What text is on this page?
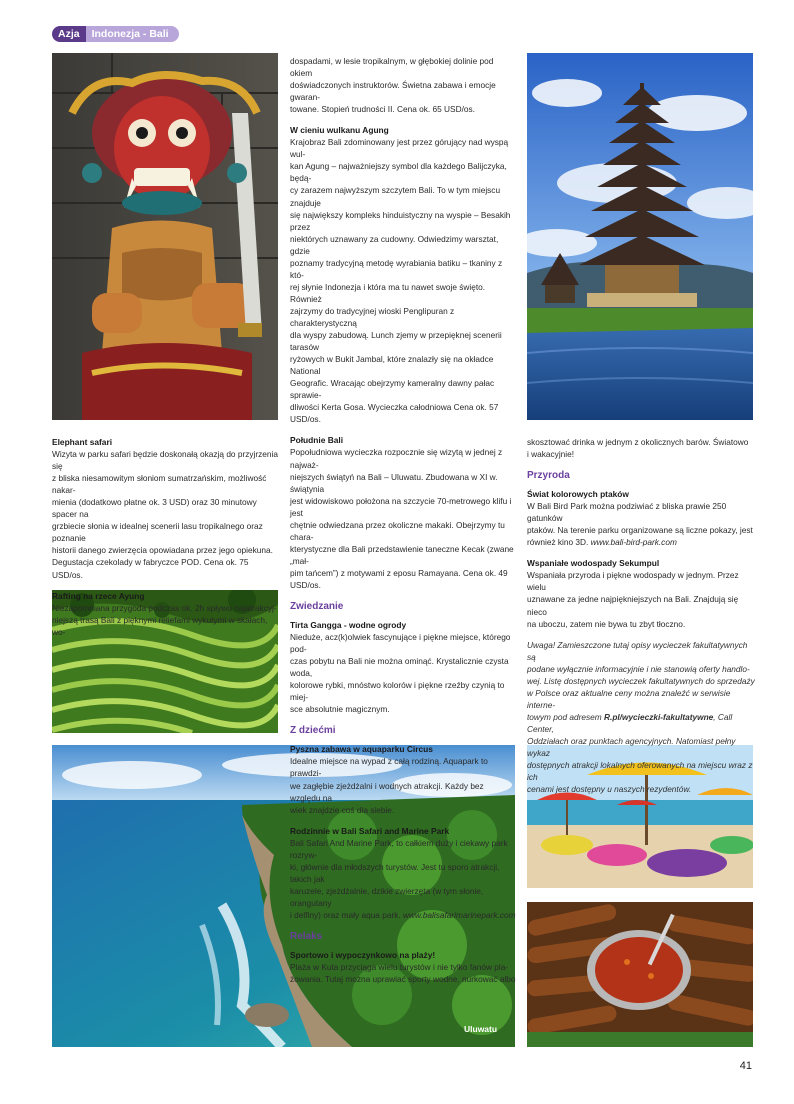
Azja	Indonezja - Bali
Uluwatu
Elephant safari

Wizyta w parku safari będzie doskonałą okazją do przyjrzenia się

z bliska niesamowitym słoniom sumatrzańskim, możliwość nakar-

mienia (dodatkowo płatne ok. 3 USD) oraz 30 minutowy spacer na

grzbiecie słonia w idealnej scenerii lasu tropikalnego oraz poznanie

historii danego zwierzęcia opowiadana przez jego opiekuna.

Degustacja czekolady w fabryczce POD. Cena ok. 75 USD/os.

Rafting na rzece Ayung

Niezapomniana przygoda podczas ok. 2h spływu najatrakcyj-

niejszą trasą Bali z pięknymi reliefami wykutymi w skałach, wo-

dospadami, w lesie tropikalnym, w głębokiej dolinie pod okiem

doświadczonych instruktorów. Świetna zabawa i emocje gwaran-

towane. Stopień trudności II. Cena ok. 65 USD/os.

W cieniu wulkanu Agung

Krajobraz Bali zdominowany jest przez górujący nad wyspą wul-

kan Agung – najważniejszy symbol dla każdego Balijczyka, będą-

cy zarazem najwyższym szczytem Bali. To w tym miejscu znajduje

się największy kompleks hinduistyczny na wyspie – Besakih przez

niektórych uznawany za cudowny. Odwiedzimy warsztat, gdzie

poznamy tradycyjną metodę wyrabiania batiku – tkaniny z któ-

rej słynie Indonezja i która ma tu nawet swoje święto. Również

zajrzymy do tradycyjnej wioski Penglipuran z charakterystyczną

dla wyspy zabudową. Lunch zjemy w przepięknej scenerii tarasów

ryżowych w Bukit Jambal, które znalazły się na okładce National

Geografic. Wracając obejrzymy kameralny dawny pałac sprawie-

dliwości Kerta Gosa. Wycieczka całodniowa Cena ok. 57 USD/os.

Południe Bali

Popołudniowa wycieczka rozpocznie się wizytą w jednej z najważ-

niejszych świątyń na Bali – Uluwatu. Zbudowana w XI w. świątynia

jest widowiskowo położona na szczycie 70-metrowego klifu i jest

chętnie odwiedzana przez okoliczne makaki. Obejrzymy tu chara-

kterystyczne dla Bali przedstawienie taneczne Kecak (zwane „mał-

pim tańcem”) z motywami z eposu Ramayana. Cena ok. 49 USD/os.

Zwiedzanie
Tirta Gangga - wodne ogrody

Nieduże, acz(k)olwiek fascynujące i piękne miejsce, którego pod-

czas pobytu na Bali nie można ominąć. Krystalicznie czysta woda,

kolorowe rybki, mnóstwo kolorów i piękne rzeźby czynią to miej-

sce absolutnie magicznym.

Z dziećmi
Pyszna zabawa w aquaparku Circus

Idealne miejsce na wypad z całą rodziną. Aquapark to prawdzi-

we zagłębie zjeżdżalni i wodnych atrakcji. Każdy bez względu na

wiek znajdzie coś dla siebie.

Rodzinnie w Bali Safari and Marine Park

Bali Safari And Marine Park, to całkiem duży i ciekawy park rozryw-

ki, głównie dla młodszych turystów. Jest tu sporo atrakcji, takich jak

karuzele, zjeżdżalnie, dzikie zwierzęta (w tym słonie, orangutany

i delfiny) oraz mały aqua park. www.balisafarimarinepark.com

Relaks
Sportowo i wypoczynkowo na plaży!

Plaża w Kuta przyciąga wielu turystów i nie tylko fanów pla-

żowania. Tutaj można uprawiać sporty wodne, nurkować albo

skosztować drinka w jednym z okolicznych barów. Światowo

i wakacyjnie!

Przyroda
Świat kolorowych ptaków

W Bali Bird Park można podziwiać z bliska prawie 250 gatunków

ptaków. Na terenie parku organizowane są liczne pokazy, jest

również kino 3D. www.bali-bird-park.com

Wspaniałe wodospady Sekumpul

Wspaniała przyroda i piękne wodospady w jednym. Przez wielu

uznawane za jedne najpiękniejszych na Bali. Znajdują się nieco

na uboczu, zatem nie bywa tu zbyt tłoczno.

Uwaga! Zamieszczone tutaj opisy wycieczek fakultatywnych są

podane wyłącznie informacyjnie i nie stanowią oferty handlo-

wej. Listę dostępnych wycieczek fakultatywnych do sprzedaży

w Polsce oraz aktualne ceny można znaleźć w serwisie interne-

towym pod adresem R.pl/wycieczki-fakultatywne, Call Center,

Oddziałach oraz punktach agencyjnych. Natomiast pełny wykaz

dostępnych atrakcji lokalnych oferowanych na miejscu wraz z ich

cenami jest dostępny u naszych rezydentów.

41
